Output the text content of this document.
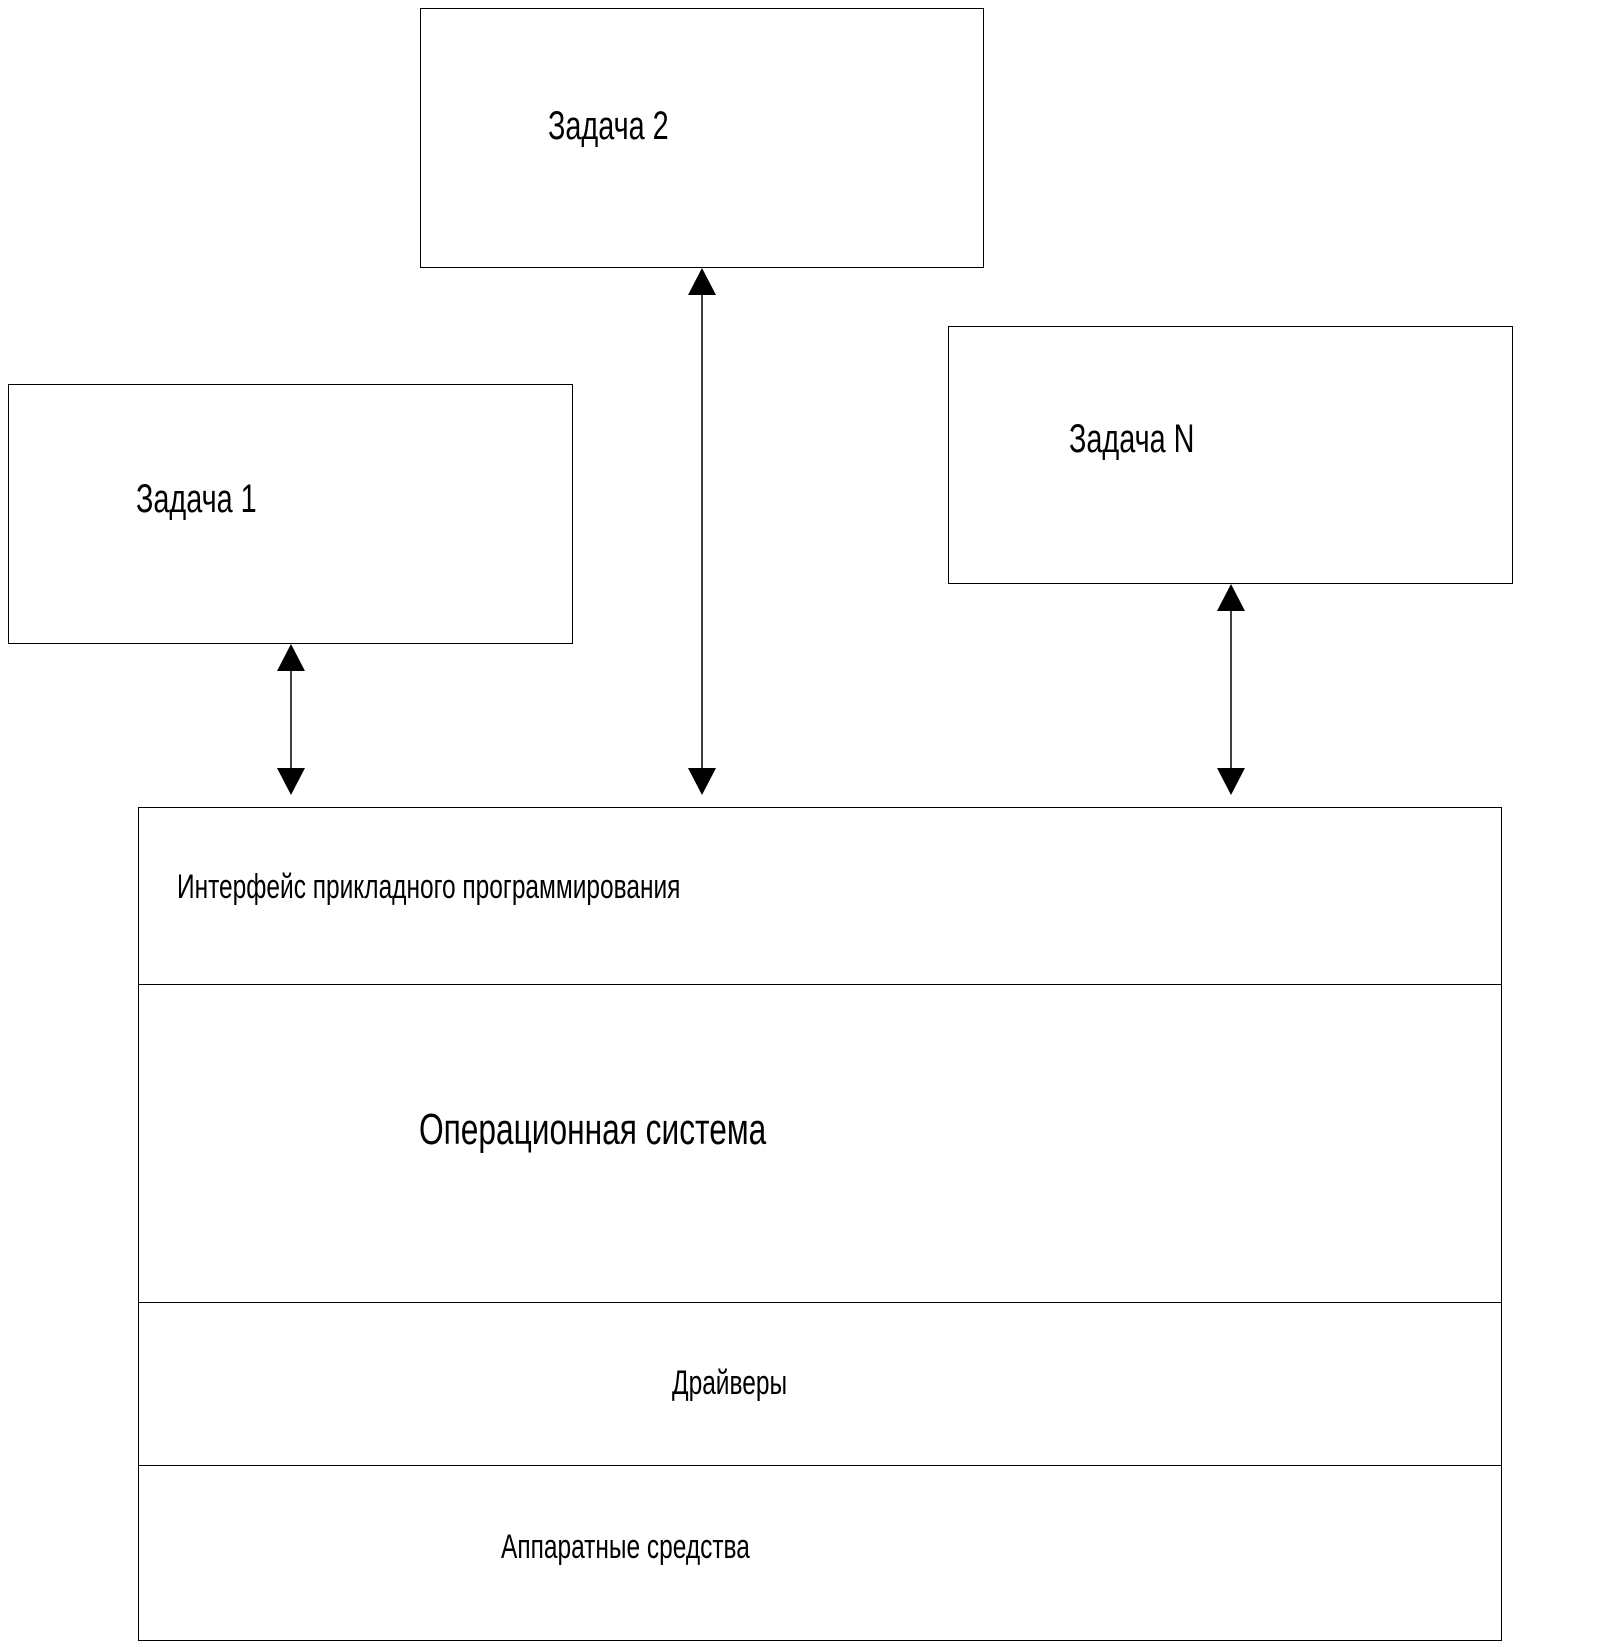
Задача 2
Задача 1
Задача N
Интерфейс прикладного программирования
Операционная система
Драйверы
Аппаратные средства
